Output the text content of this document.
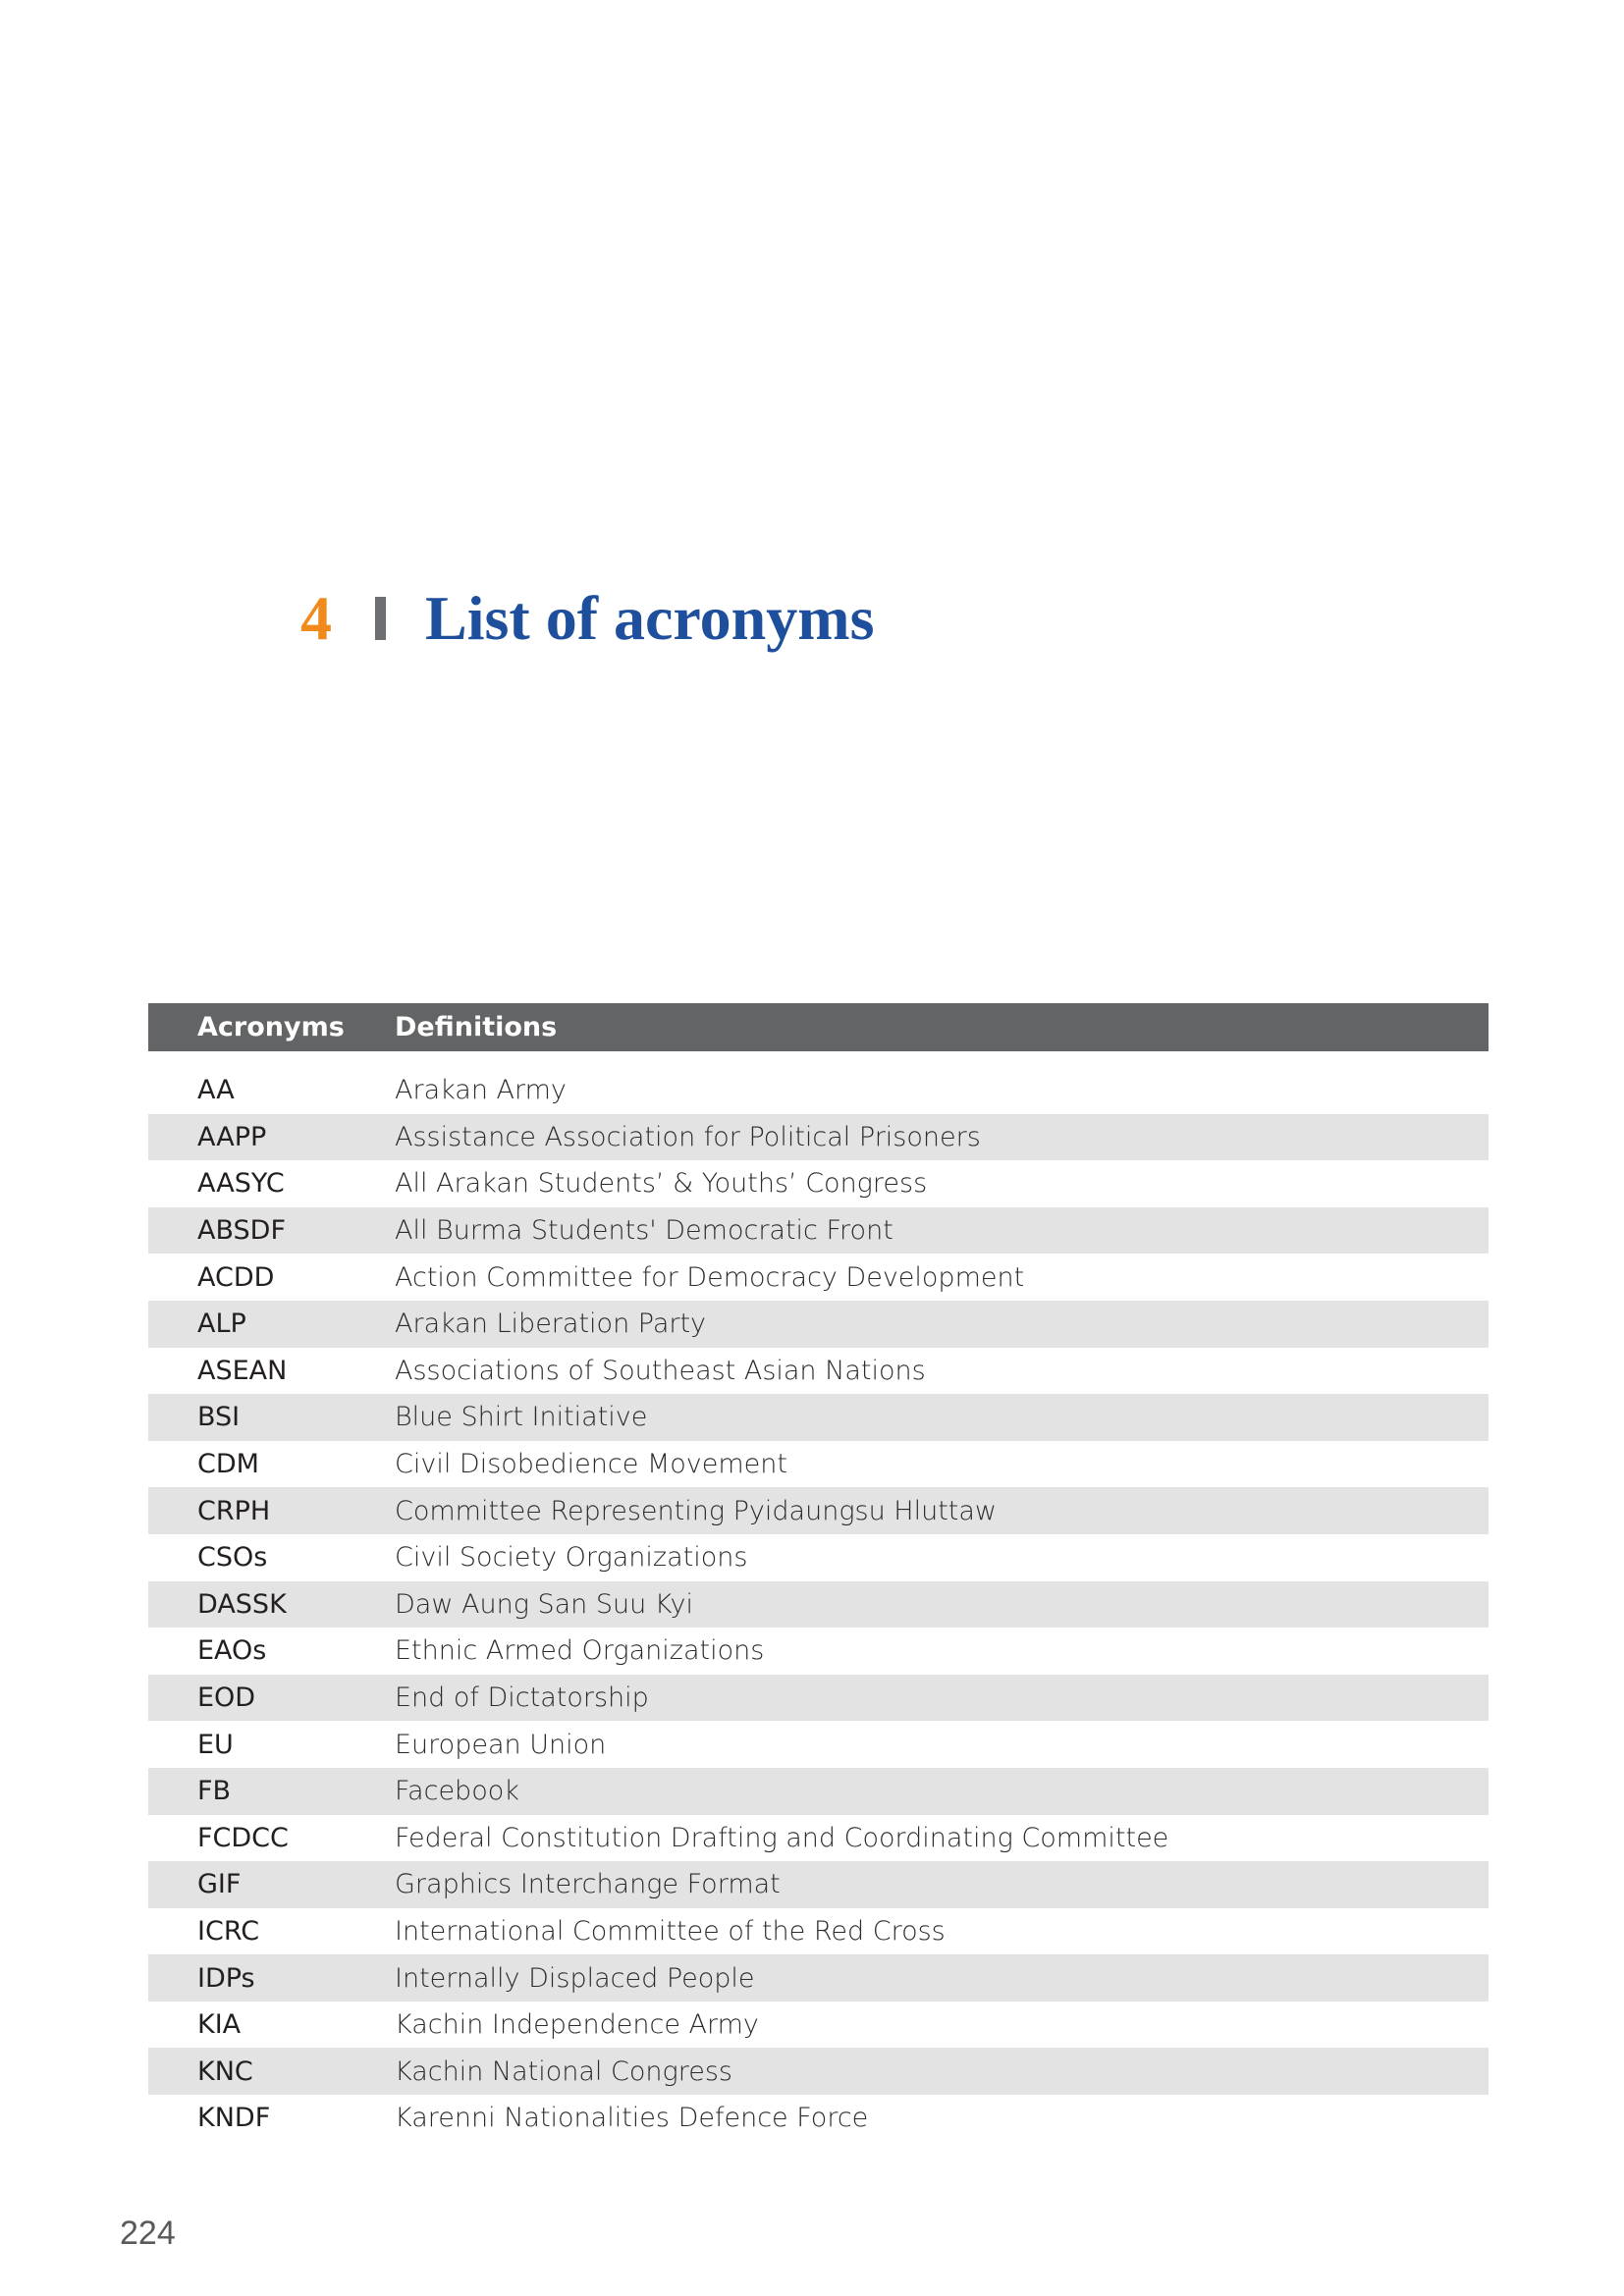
4 List of acronyms
Acronyms	Definitions
AA	Arakan Army
AAPP	Assistance Association for Political Prisoners
AASYC	All Arakan Students’ & Youths’ Congress
ABSDF	All Burma Students' Democratic Front
ACDD	Action Committee for Democracy Development
ALP	Arakan Liberation Party
ASEAN	Associations of Southeast Asian Nations
BSI	Blue Shirt Initiative
CDM	Civil Disobedience Movement
CRPH	Committee Representing Pyidaungsu Hluttaw
CSOs	Civil Society Organizations
DASSK	Daw Aung San Suu Kyi
EAOs	Ethnic Armed Organizations
EOD	End of Dictatorship
EU	European Union
FB	Facebook
FCDCC	Federal Constitution Drafting and Coordinating Committee
GIF	Graphics Interchange Format
ICRC	International Committee of the Red Cross
IDPs	Internally Displaced People
KIA	Kachin Independence Army
KNC	Kachin National Congress
KNDF	Karenni Nationalities Defence Force
224
